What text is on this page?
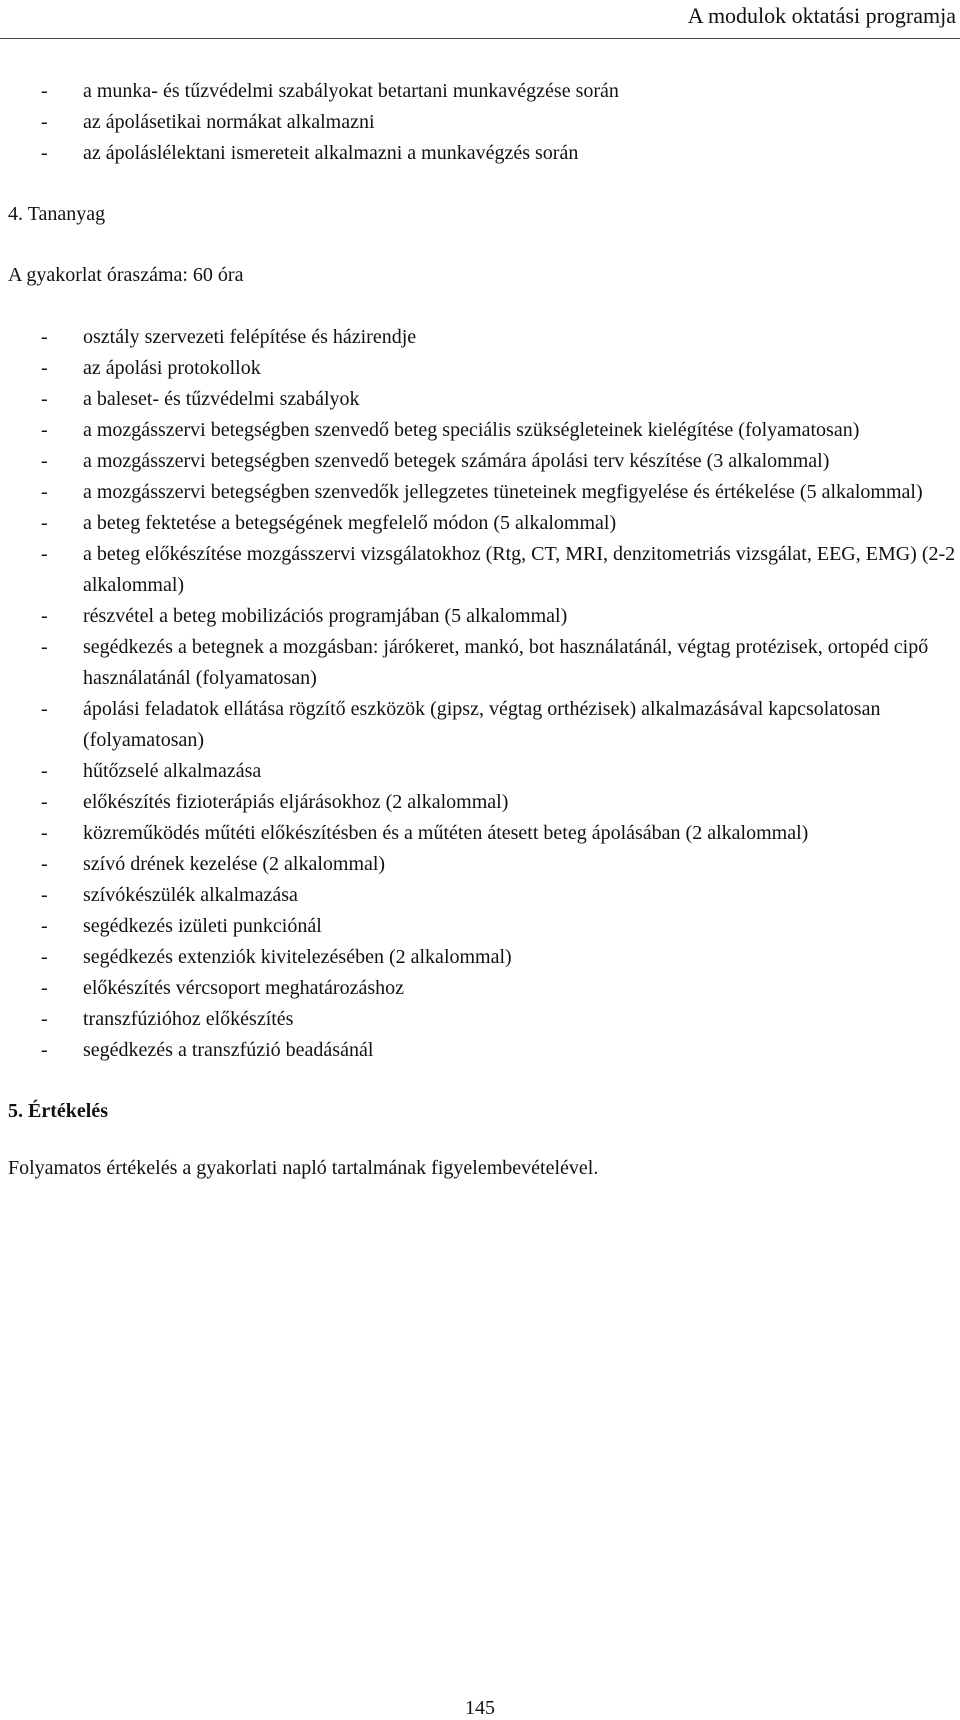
A modulok oktatási programja
- a munka- és tűzvédelmi szabályokat betartani munkavégzése során
- az ápolásetikai normákat alkalmazni
- az ápoláslélektani ismereteit alkalmazni a munkavégzés során
4. Tananyag
A gyakorlat óraszáma: 60 óra
- osztály szervezeti felépítése és házirendje
- az ápolási protokollok
- a baleset- és tűzvédelmi szabályok
- a mozgásszervi betegségben szenvedő beteg speciális szükségleteinek kielégítése (folyamatosan)
- a mozgásszervi betegségben szenvedő betegek számára ápolási terv készítése (3 alkalommal)
- a mozgásszervi betegségben szenvedők jellegzetes tüneteinek megfigyelése és értékelése (5 alkalommal)
- a beteg fektetése a betegségének megfelelő módon (5 alkalommal)
- a beteg előkészítése mozgásszervi vizsgálatokhoz (Rtg, CT, MRI, denzitometriás vizsgálat, EEG, EMG) (2-2 alkalommal)
- részvétel a beteg mobilizációs programjában (5 alkalommal)
- segédkezés a betegnek a mozgásban: járókeret, mankó, bot használatánál, végtag protézisek, ortopéd cipő használatánál (folyamatosan)
- ápolási feladatok ellátása rögzítő eszközök (gipsz, végtag orthézisek) alkalmazásával kapcsolatosan (folyamatosan)
- hűtőzselé alkalmazása
- előkészítés fizioterápiás eljárásokhoz (2 alkalommal)
- közreműködés műtéti előkészítésben és a műtéten átesett beteg ápolásában (2 alkalommal)
- szívó drének kezelése (2 alkalommal)
- szívókészülék alkalmazása
- segédkezés izületi punkciónál
- segédkezés extenziók kivitelezésében (2 alkalommal)
- előkészítés vércsoport meghatározáshoz
- transzfúzióhoz előkészítés
- segédkezés a transzfúzió beadásánál
5. Értékelés
Folyamatos értékelés a gyakorlati napló tartalmának figyelembevételével.
145
